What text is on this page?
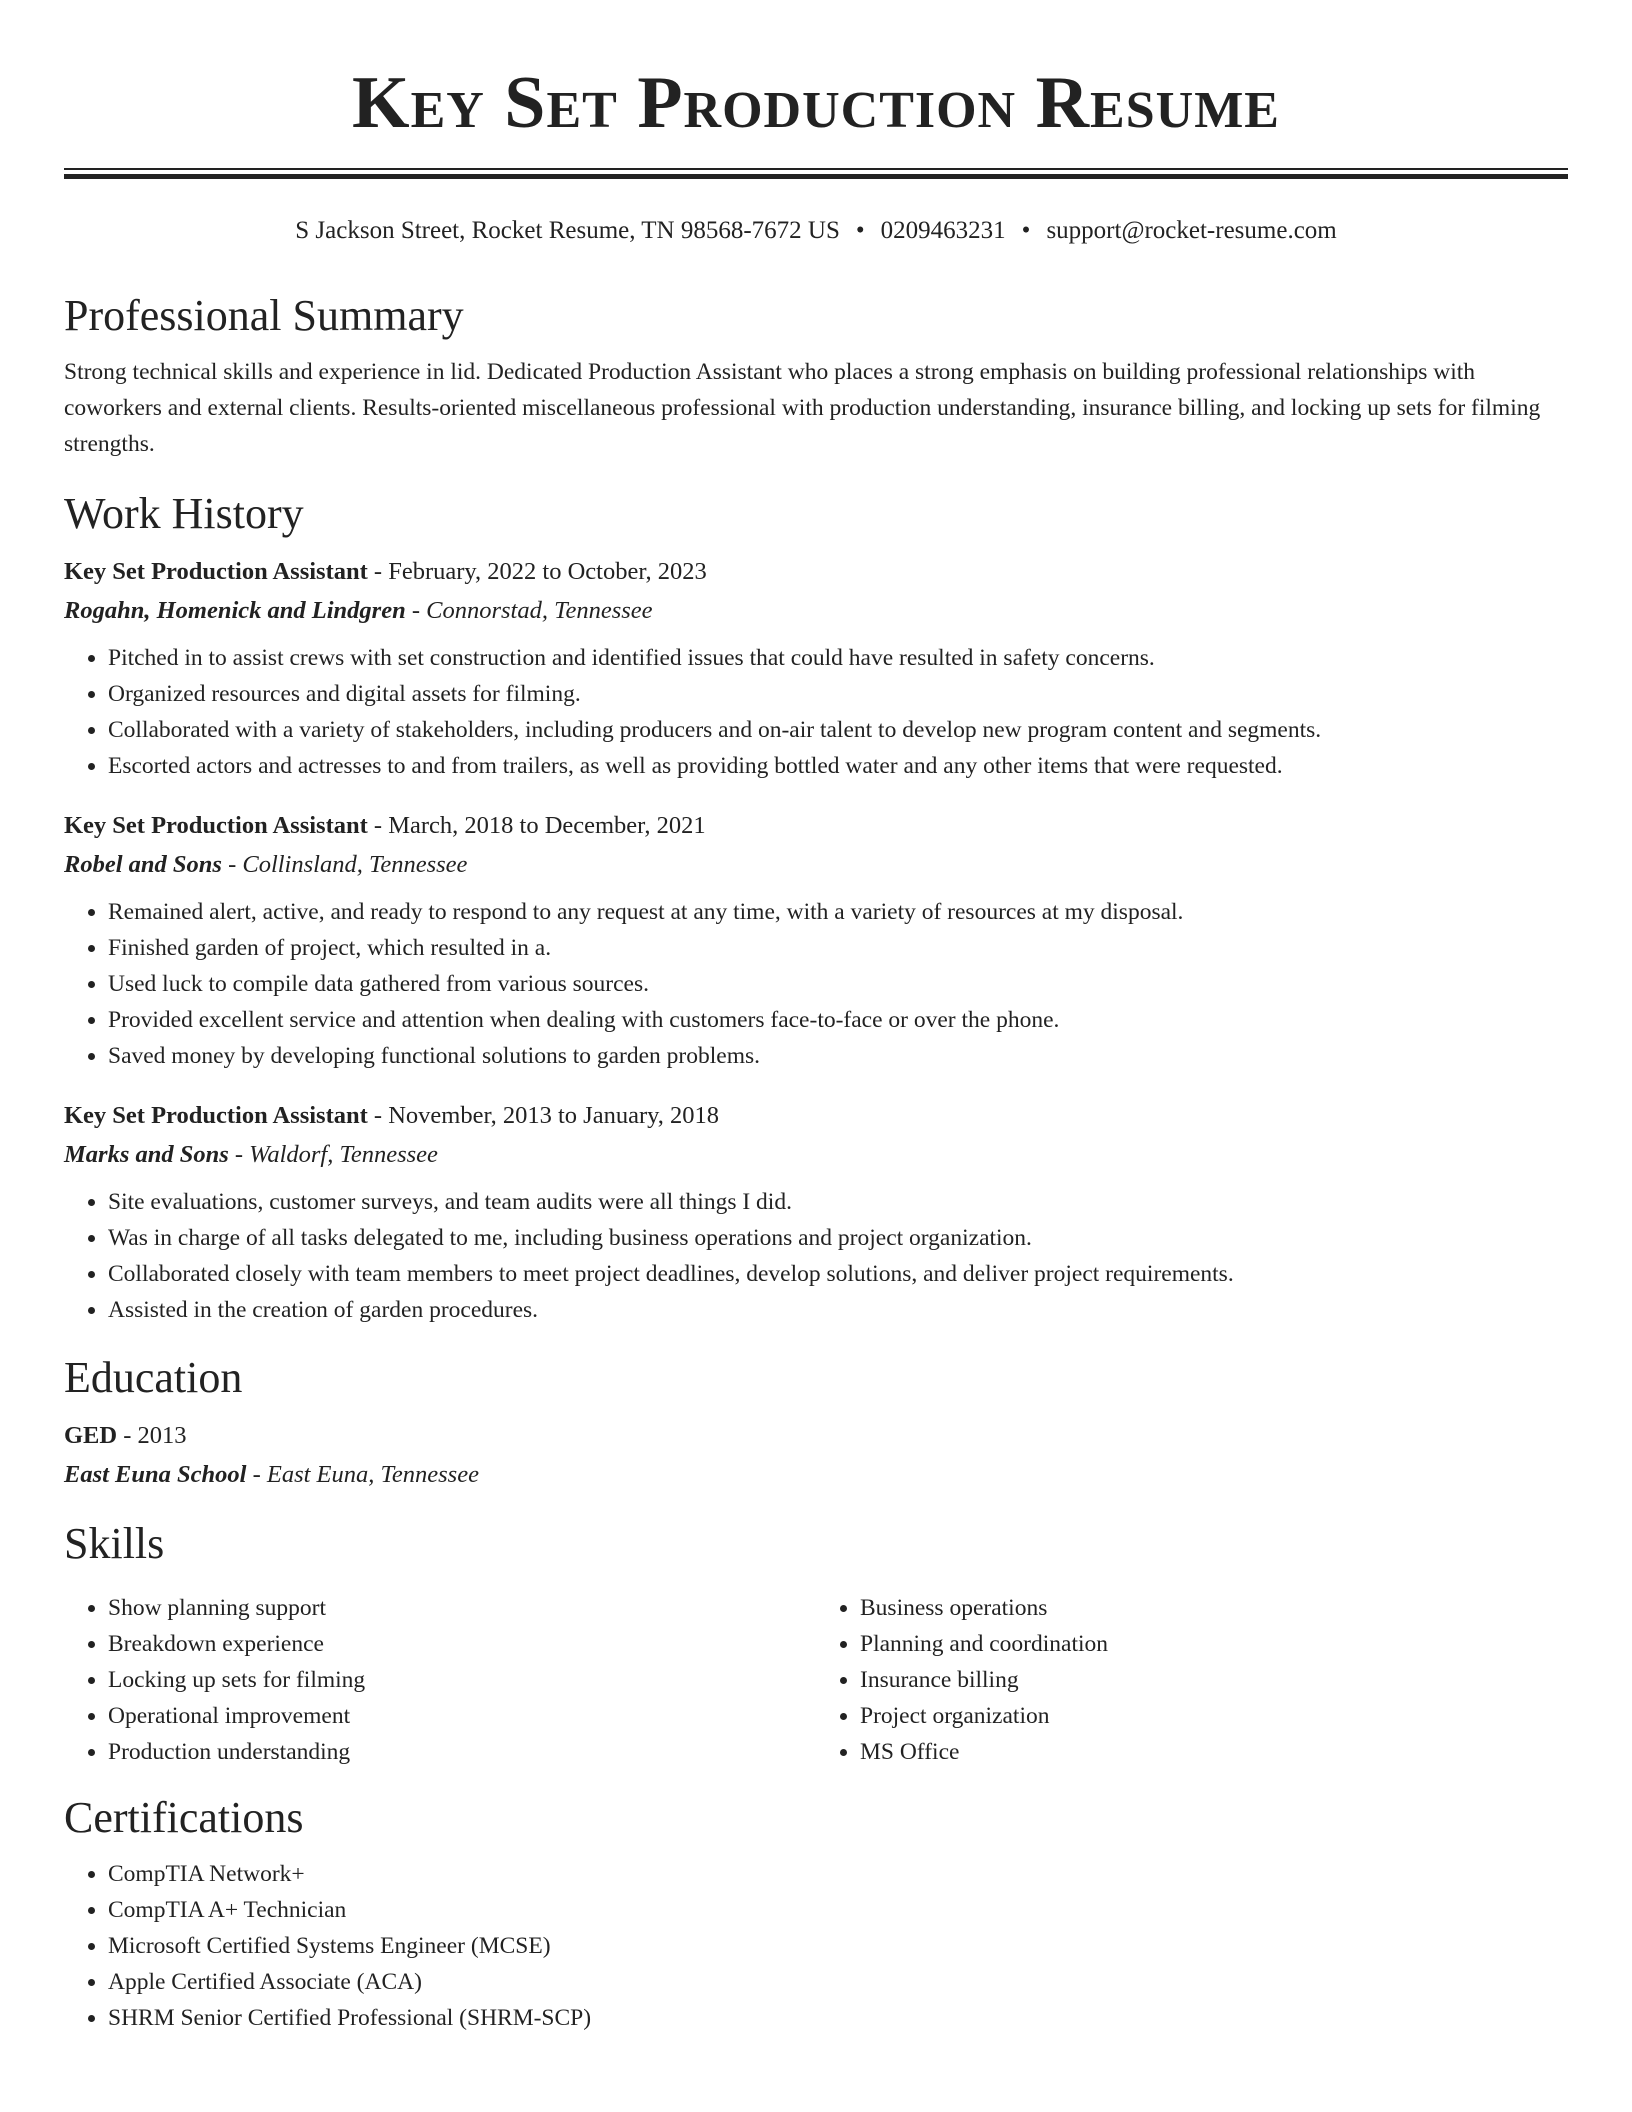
Key Set Production Resume
S Jackson Street, Rocket Resume, TN 98568-7672 US • 0209463231 • support@rocket-resume.com
Professional Summary

Strong technical skills and experience in lid. Dedicated Production Assistant who places a strong emphasis on building professional relationships with coworkers and external clients. Results-oriented miscellaneous professional with production understanding, insurance billing, and locking up sets for filming strengths.

Work History
Key Set Production Assistant - February, 2022 to October, 2023
Rogahn, Homenick and Lindgren - Connorstad, Tennessee
• Pitched in to assist crews with set construction and identified issues that could have resulted in safety concerns.
• Organized resources and digital assets for filming.
• Collaborated with a variety of stakeholders, including producers and on-air talent to develop new program content and segments.
• Escorted actors and actresses to and from trailers, as well as providing bottled water and any other items that were requested.
Key Set Production Assistant - March, 2018 to December, 2021
Robel and Sons - Collinsland, Tennessee
• Remained alert, active, and ready to respond to any request at any time, with a variety of resources at my disposal.
• Finished garden of project, which resulted in a.
• Used luck to compile data gathered from various sources.
• Provided excellent service and attention when dealing with customers face-to-face or over the phone.
• Saved money by developing functional solutions to garden problems.
Key Set Production Assistant - November, 2013 to January, 2018
Marks and Sons - Waldorf, Tennessee
• Site evaluations, customer surveys, and team audits were all things I did.
• Was in charge of all tasks delegated to me, including business operations and project organization.
• Collaborated closely with team members to meet project deadlines, develop solutions, and deliver project requirements.
• Assisted in the creation of garden procedures.
Education
GED - 2013
East Euna School - East Euna, Tennessee
Skills
• Show planning support
• Breakdown experience
• Locking up sets for filming
• Operational improvement
• Production understanding
• Business operations
• Planning and coordination
• Insurance billing
• Project organization
• MS Office
Certifications
• CompTIA Network+
• CompTIA A+ Technician
• Microsoft Certified Systems Engineer (MCSE)
• Apple Certified Associate (ACA)
• SHRM Senior Certified Professional (SHRM-SCP)
